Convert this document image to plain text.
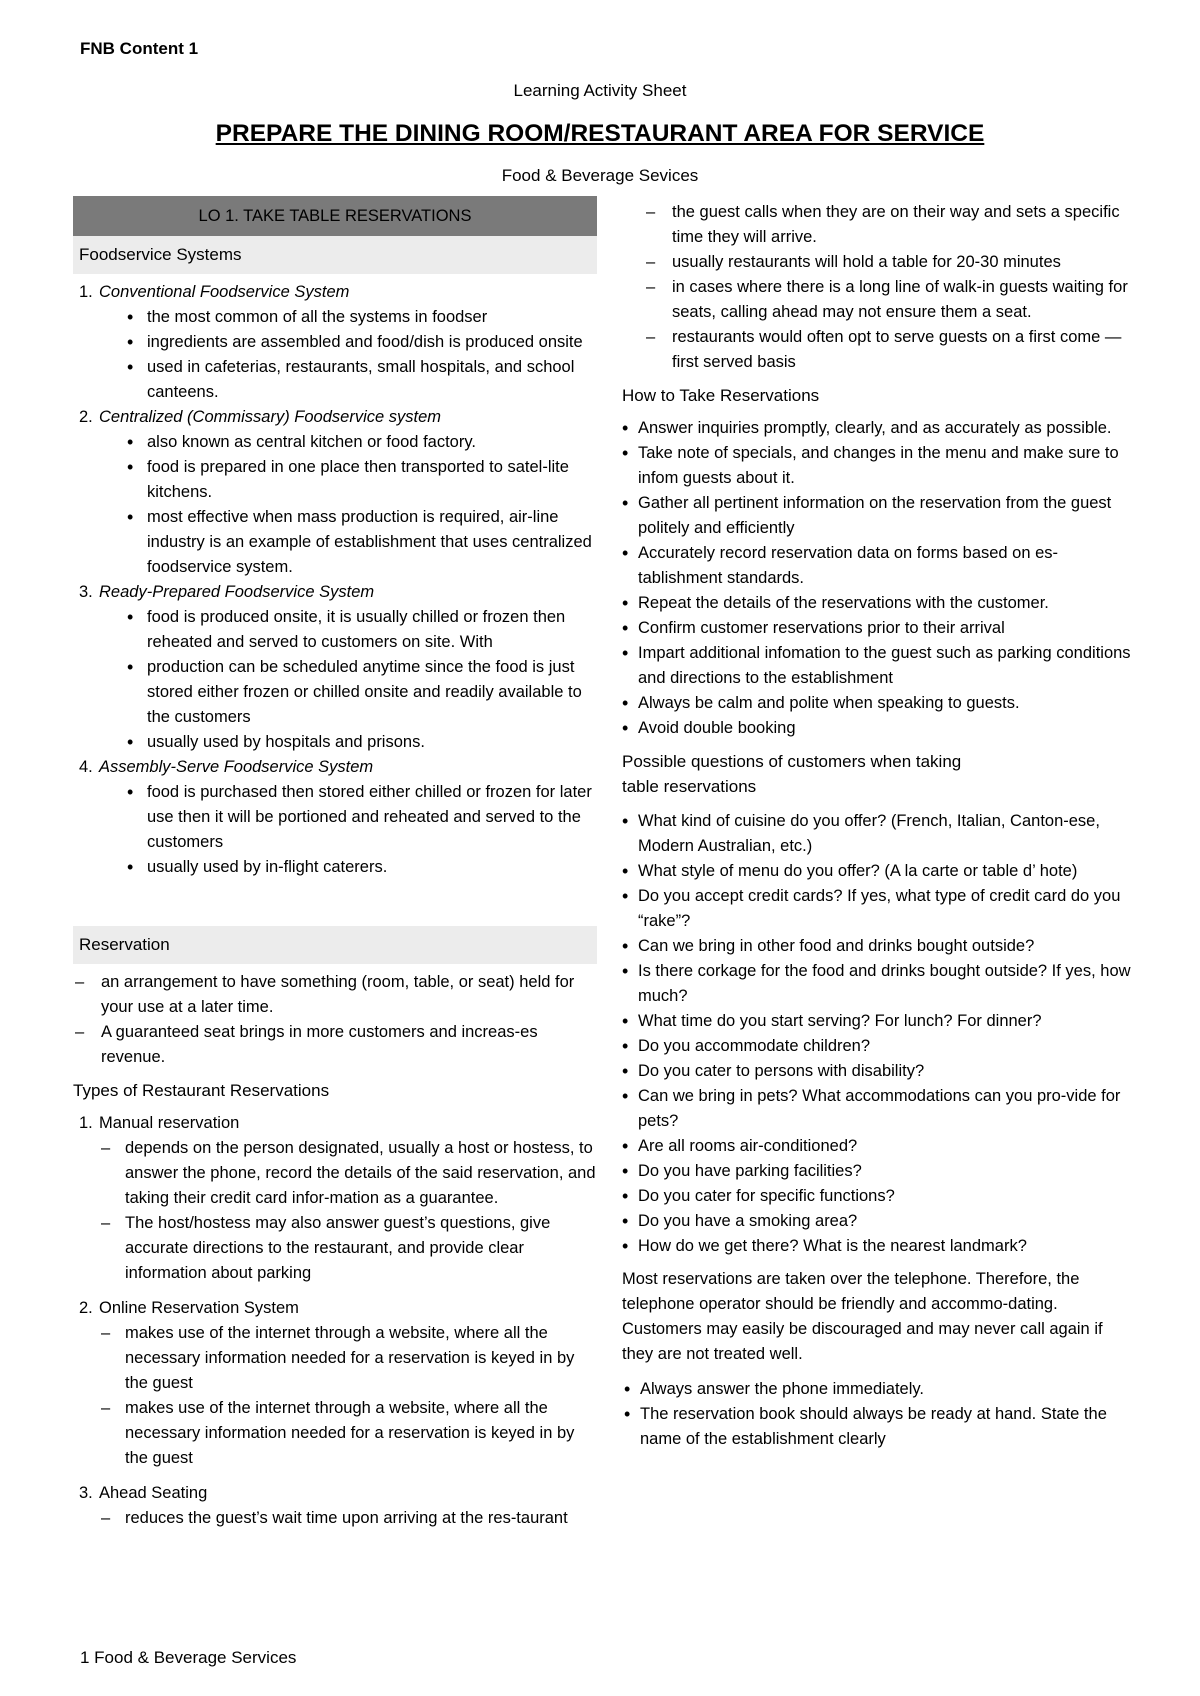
FNB Content 1
Learning Activity Sheet
PREPARE THE DINING ROOM/RESTAURANT AREA FOR SERVICE
Food & Beverage Sevices
LO 1. TAKE TABLE RESERVATIONS
Foodservice Systems
1. Conventional Foodservice System
• the most common of all the systems in foodser
• ingredients are assembled and food/dish is produced onsite
• used in cafeterias, restaurants, small hospitals, and school canteens.
2. Centralized (Commissary) Foodservice system
• also known as central kitchen or food factory.
• food is prepared in one place then transported to satel-lite kitchens.
• most effective when mass production is required, air-line industry is an example of establishment that uses centralized foodservice system.
3. Ready-Prepared Foodservice System
• food is produced onsite, it is usually chilled or frozen then reheated and served to customers on site. With
• production can be scheduled anytime since the food is just stored either frozen or chilled onsite and readily available to the customers
• usually used by hospitals and prisons.
4. Assembly-Serve Foodservice System
• food is purchased then stored either chilled or frozen for later use then it will be portioned and reheated and served to the customers
• usually used by in-flight caterers.
Reservation
– an arrangement to have something (room, table, or seat) held for your use at a later time.
– A guaranteed seat brings in more customers and increas-es revenue.
Types of Restaurant Reservations
1. Manual reservation
– depends on the person designated, usually a host or hostess, to answer the phone, record the details of the said reservation, and taking their credit card infor-mation as a guarantee.
– The host/hostess may also answer guest’s questions, give accurate directions to the restaurant, and provide clear information about parking
2. Online Reservation System
– makes use of the internet through a website, where all the necessary information needed for a reservation is keyed in by the guest
– makes use of the internet through a website, where all the necessary information needed for a reservation is keyed in by the guest
3. Ahead Seating
– reduces the guest’s wait time upon arriving at the res-taurant
– the guest calls when they are on their way and sets a specific time they will arrive.
– usually restaurants will hold a table for 20-30 minutes
– in cases where there is a long line of walk-in guests waiting for seats, calling ahead may not ensure them a seat.
– restaurants would often opt to serve guests on a first come — first served basis
How to Take Reservations
• Answer inquiries promptly, clearly, and as accurately as possible.
• Take note of specials, and changes in the menu and make sure to infom guests about it.
• Gather all pertinent information on the reservation from the guest politely and efficiently
• Accurately record reservation data on forms based on es-tablishment standards.
• Repeat the details of the reservations with the customer.
• Confirm customer reservations prior to their arrival
• Impart additional infomation to the guest such as parking conditions and directions to the establishment
• Always be calm and polite when speaking to guests.
• Avoid double booking
Possible questions of customers when taking
table reservations
• What kind of cuisine do you offer? (French, Italian, Canton-ese, Modern Australian, etc.)
• What style of menu do you offer? (A la carte or table d’ hote)
• Do you accept credit cards? If yes, what type of credit card do you “rake”?
• Can we bring in other food and drinks bought outside?
• Is there corkage for the food and drinks bought outside? If yes, how much?
• What time do you start serving? For lunch? For dinner?
• Do you accommodate children?
• Do you cater to persons with disability?
• Can we bring in pets? What accommodations can you pro-vide for pets?
• Are all rooms air-conditioned?
• Do you have parking facilities?
• Do you cater for specific functions?
• Do you have a smoking area?
• How do we get there? What is the nearest landmark?
Most reservations are taken over the telephone. Therefore, the telephone operator should be friendly and accommo-dating. Customers may easily be discouraged and may never call again if they are not treated well.
• Always answer the phone immediately.
• The reservation book should always be ready at hand. State the name of the establishment clearly
1 Food & Beverage Services
